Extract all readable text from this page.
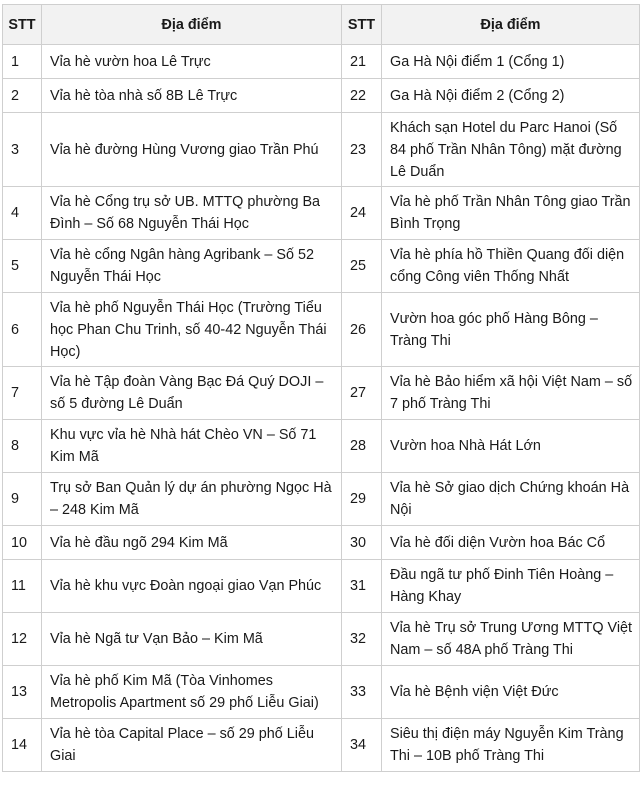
STT	Địa điểm	STT	Địa điểm
1	Vỉa hè vườn hoa Lê Trực	21	Ga Hà Nội điểm 1 (Cổng 1)
2	Vỉa hè tòa nhà số 8B Lê Trực	22	Ga Hà Nội điểm 2 (Cổng 2)
3	Vỉa hè đường Hùng Vương giao Trần Phú	23	Khách sạn Hotel du Parc Hanoi (Số 84 phố Trần Nhân Tông) mặt đường Lê Duẩn
4	Vỉa hè Cổng trụ sở UB. MTTQ phường Ba Đình – Số 68 Nguyễn Thái Học	24	Vỉa hè phố Trần Nhân Tông giao Trần Bình Trọng
5	Vỉa hè cổng Ngân hàng Agribank – Số 52 Nguyễn Thái Học	25	Vỉa hè phía hồ Thiền Quang đối diện cổng Công viên Thống Nhất
6	Vỉa hè phố Nguyễn Thái Học (Trường Tiểu học Phan Chu Trinh, số 40-42 Nguyễn Thái Học)	26	Vườn hoa góc phố Hàng Bông – Tràng Thi
7	Vỉa hè Tập đoàn Vàng Bạc Đá Quý DOJI – số 5 đường Lê Duẩn	27	Vỉa hè Bảo hiểm xã hội Việt Nam – số 7 phố Tràng Thi
8	Khu vực vỉa hè Nhà hát Chèo VN – Số 71 Kim Mã	28	Vườn hoa Nhà Hát Lớn
9	Trụ sở Ban Quản lý dự án phường Ngọc Hà – 248 Kim Mã	29	Vỉa hè Sở giao dịch Chứng khoán Hà Nội
10	Vỉa hè đầu ngõ 294 Kim Mã	30	Vỉa hè đối diện Vườn hoa Bác Cổ
11	Vỉa hè khu vực Đoàn ngoại giao Vạn Phúc	31	Đầu ngã tư phố Đinh Tiên Hoàng – Hàng Khay
12	Vỉa hè Ngã tư Vạn Bảo – Kim Mã	32	Vỉa hè Trụ sở Trung Ương MTTQ Việt Nam – số 48A phố Tràng Thi
13	Vỉa hè phố Kim Mã (Tòa Vinhomes Metropolis Apartment số 29 phố Liễu Giai)	33	Vỉa hè Bệnh viện Việt Đức
14	Vỉa hè tòa Capital Place – số 29 phố Liễu Giai	34	Siêu thị điện máy Nguyễn Kim Tràng Thi – 10B phố Tràng Thi
